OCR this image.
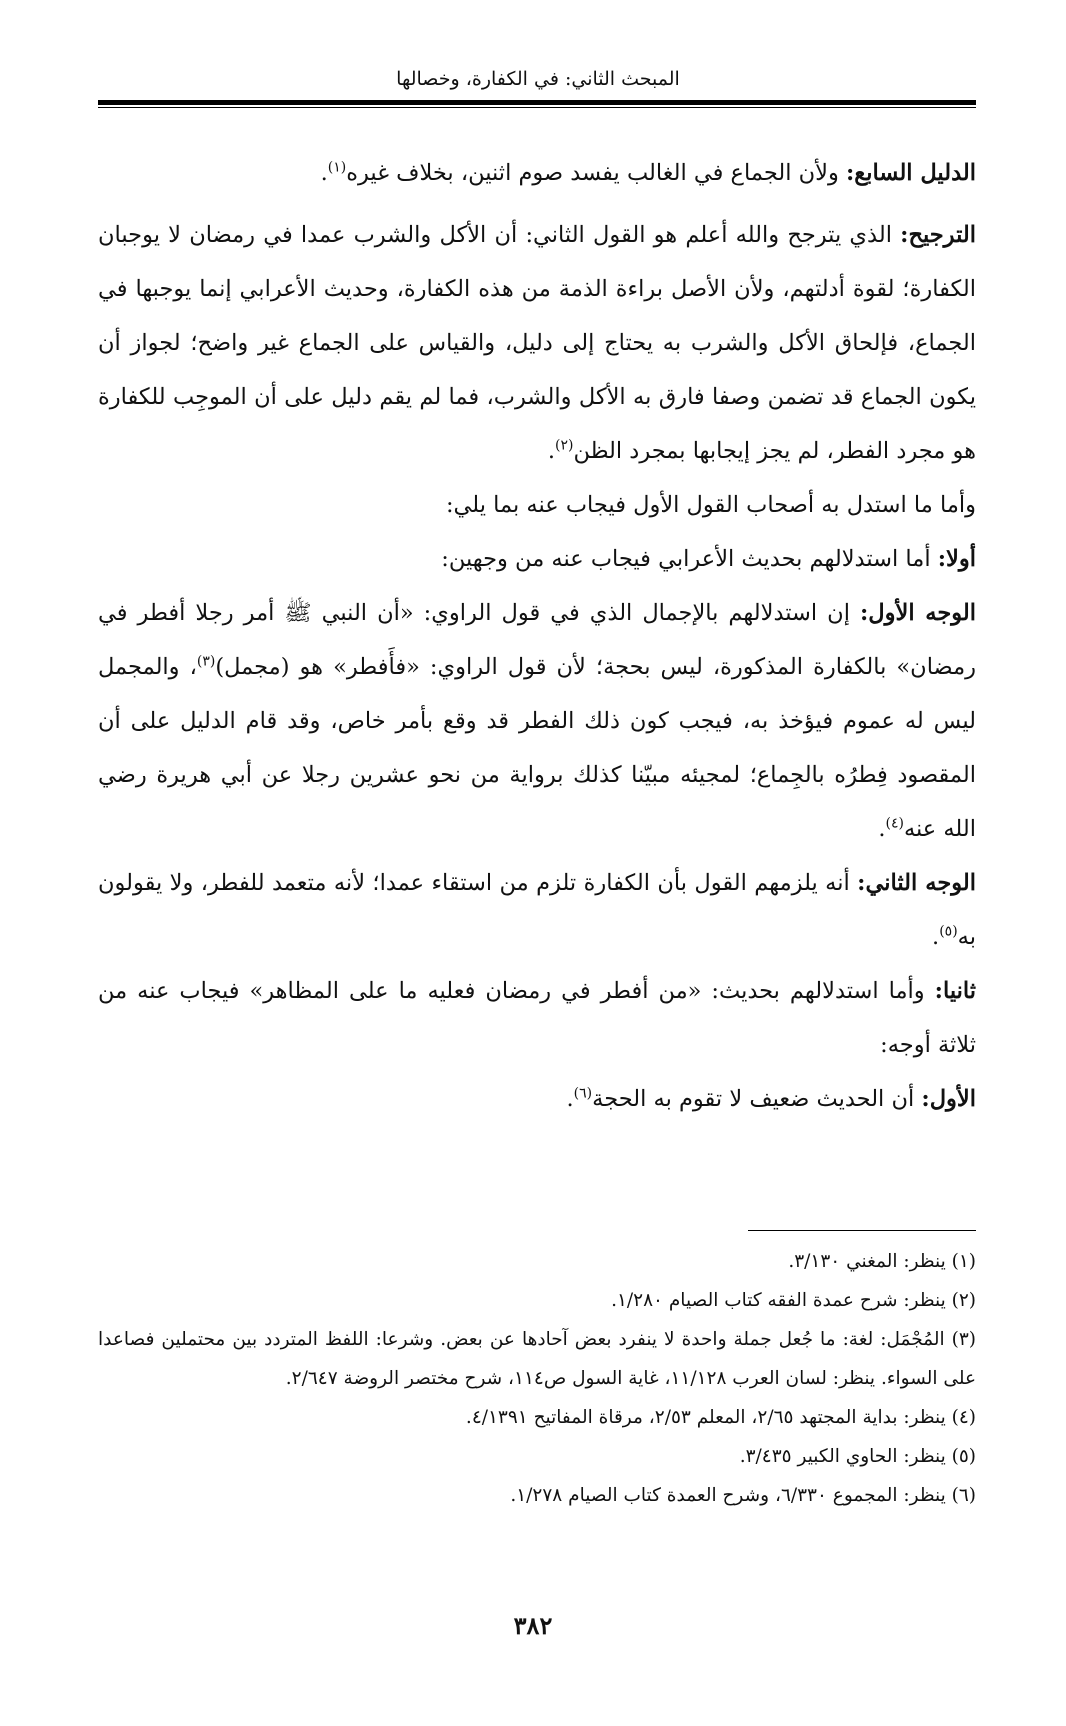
المبحث الثاني: في الكفارة، وخصالها

الدليل السابع: ولأن الجماع في الغالب يفسد صوم اثنين، بخلاف غيره$^{(١)}$.

الترجيح: الذي يترجح والله أعلم هو القول الثاني: أن الأكل والشرب عمدا في رمضان لا يوجبان الكفارة؛ لقوة أدلتهم، ولأن الأصل براءة الذمة من هذه الكفارة، وحديث الأعرابي إنما يوجبها في الجماع، فإلحاق الأكل والشرب به يحتاج إلى دليل، والقياس على الجماع غير واضح؛ لجواز أن يكون الجماع قد تضمن وصفا فارق به الأكل والشرب، فما لم يقم دليل على أن الموجِب للكفارة هو مجرد الفطر، لم يجز إيجابها بمجرد الظن$^{(٢)}$.

وأما ما استدل به أصحاب القول الأول فيجاب عنه بما يلي:

أولا: أما استدلالهم بحديث الأعرابي فيجاب عنه من وجهين:

الوجه الأول: إن استدلالهم بالإجمال الذي في قول الراوي: «أن النبي ﷺ أمر رجلا أفطر في رمضان» بالكفارة المذكورة، ليس بحجة؛ لأن قول الراوي: «فأَفطر» هو (مجمل)$^{(٣)}$، والمجمل ليس له عموم فيؤخذ به، فيجب كون ذلك الفطر قد وقع بأمر خاص، وقد قام الدليل على أن المقصود فِطرُه بالجِماع؛ لمجيئه مبيّنا كذلك برواية من نحو عشرين رجلا عن أبي هريرة رضي الله عنه$^{(٤)}$.

الوجه الثاني: أنه يلزمهم القول بأن الكفارة تلزم من استقاء عمدا؛ لأنه متعمد للفطر، ولا يقولون به$^{(٥)}$.

ثانيا: وأما استدلالهم بحديث: «من أفطر في رمضان فعليه ما على المظاهر» فيجاب عنه من ثلاثة أوجه:

الأول: أن الحديث ضعيف لا تقوم به الحجة$^{(٦)}$.

(١) ينظر: المغني ٣/١٣٠.

(٢) ينظر: شرح عمدة الفقه كتاب الصيام ١/٢٨٠.

(٣) المُجْمَل: لغة: ما جُعل جملة واحدة لا ينفرد بعض آحادها عن بعض. وشرعا: اللفظ المتردد بين محتملين فصاعدا على السواء. ينظر: لسان العرب ١١/١٢٨، غاية السول ص١١٤، شرح مختصر الروضة ٢/٦٤٧.

(٤) ينظر: بداية المجتهد ٢/٦٥، المعلم ٢/٥٣، مرقاة المفاتيح ٤/١٣٩١.

(٥) ينظر: الحاوي الكبير ٣/٤٣٥.

(٦) ينظر: المجموع ٦/٣٣٠، وشرح العمدة كتاب الصيام ١/٢٧٨.

٣٨٢
